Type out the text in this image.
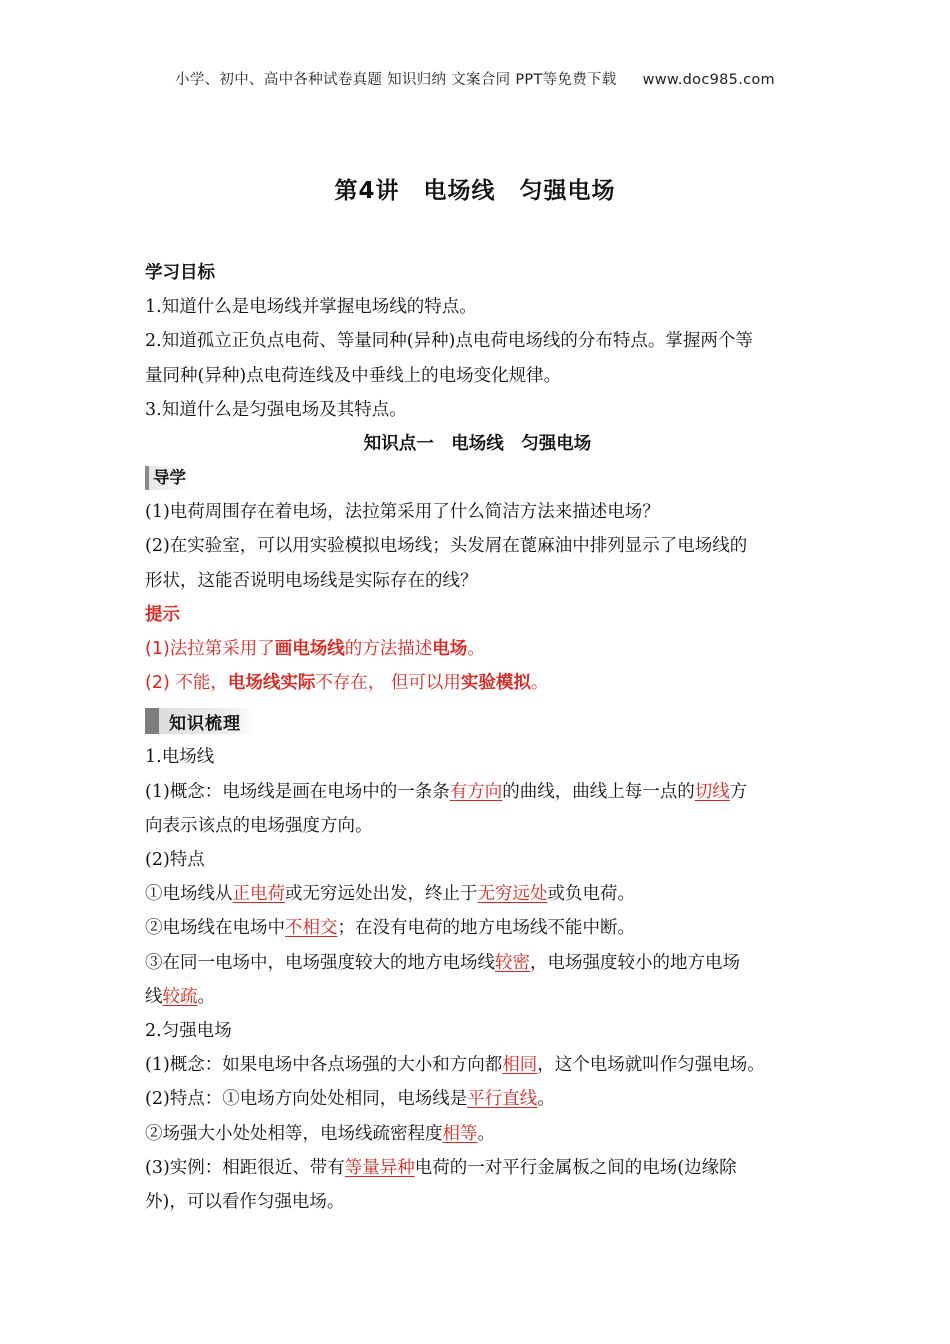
小学、初中、高中各种试卷真题 知识归纳 文案合同 PPT等免费下载 www.doc985.com
第4讲　电场线　匀强电场
学习目标
1.知道什么是电场线并掌握电场线的特点。
2.知道孤立正负点电荷、等量同种(异种)点电荷电场线的分布特点。掌握两个等
量同种(异种)点电荷连线及中垂线上的电场变化规律。
3.知道什么是匀强电场及其特点。
知识点一　电场线　匀强电场
导学
(1)电荷周围存在着电场，法拉第采用了什么简洁方法来描述电场？
(2)在实验室，可以用实验模拟电场线；头发屑在蓖麻油中排列显示了电场线的
形状，这能否说明电场线是实际存在的线？
提示
(1)法拉第采用了画电场线的方法描述电场。
(2) 不能，电场线实际不存在， 但可以用实验模拟。
知识梳理
1.电场线
(1)概念：电场线是画在电场中的一条条有方向的曲线，曲线上每一点的切线方
向表示该点的电场强度方向。
(2)特点
①电场线从正电荷或无穷远处出发，终止于无穷远处或负电荷。
②电场线在电场中不相交；在没有电荷的地方电场线不能中断。
③在同一电场中，电场强度较大的地方电场线较密，电场强度较小的地方电场
线较疏。
2.匀强电场
(1)概念：如果电场中各点场强的大小和方向都相同，这个电场就叫作匀强电场。
(2)特点：①电场方向处处相同，电场线是平行直线。
②场强大小处处相等，电场线疏密程度相等。
(3)实例：相距很近、带有等量异种电荷的一对平行金属板之间的电场(边缘除
外)，可以看作匀强电场。
